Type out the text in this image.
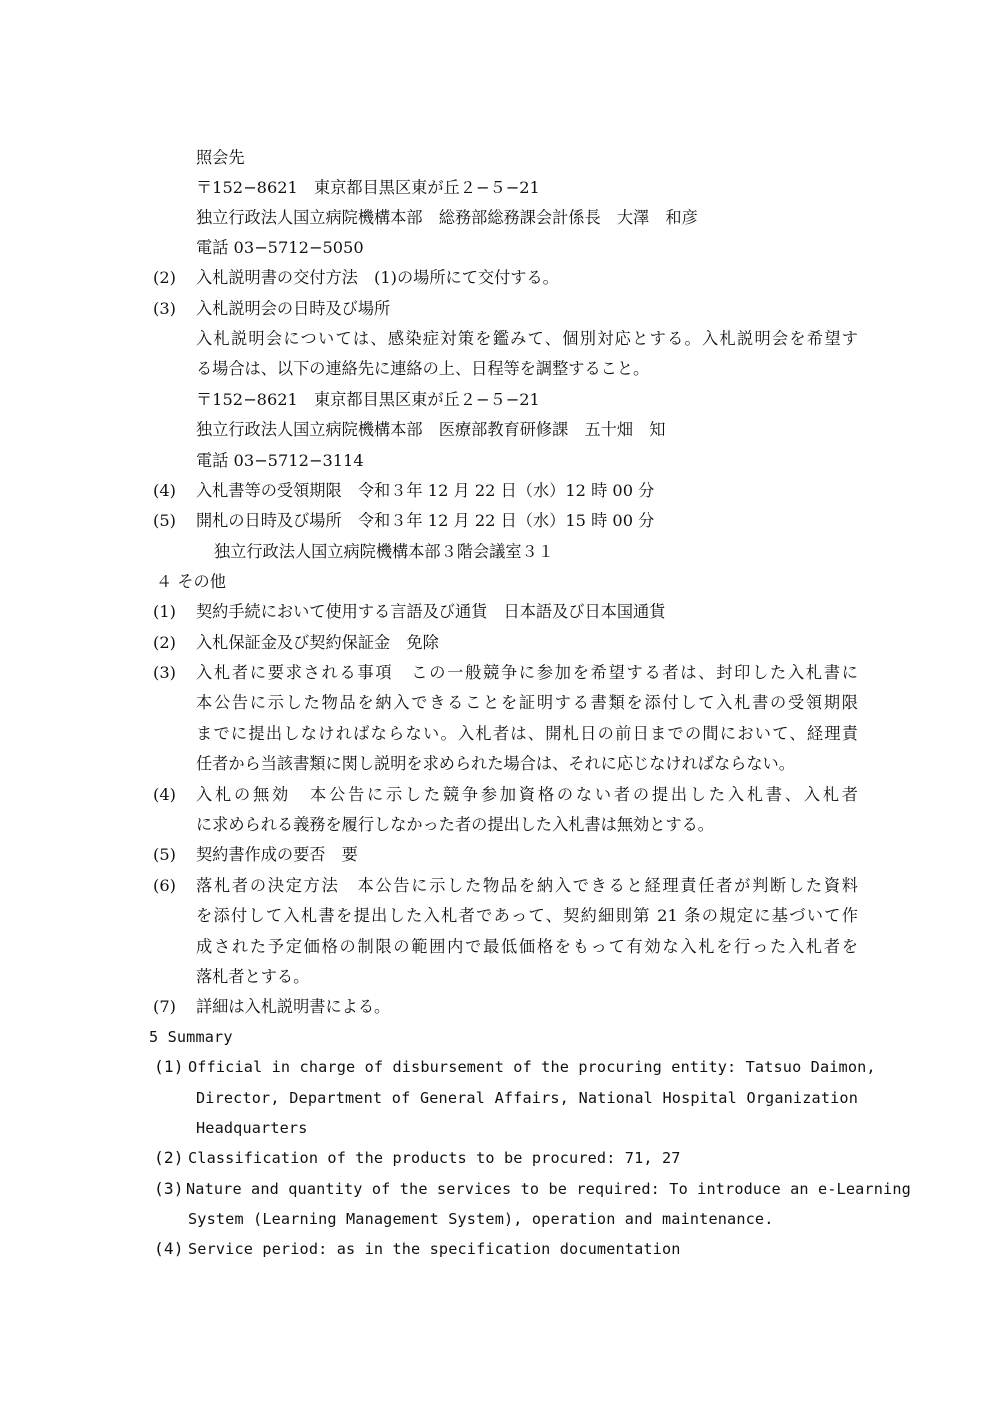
照会先
〒152−8621　東京都目黒区東が丘２−５−21
独立行政法人国立病院機構本部　総務部総務課会計係長　大澤　和彦
電話 03−5712−5050
(2) 入札説明書の交付方法　(1)の場所にて交付する。
(3) 入札説明会の日時及び場所
入札説明会については、感染症対策を鑑みて、個別対応とする。入札説明会を希望す
る場合は、以下の連絡先に連絡の上、日程等を調整すること。
〒152−8621　東京都目黒区東が丘２−５−21
独立行政法人国立病院機構本部　医療部教育研修課　五十畑　知
電話 03−5712−3114
(4) 入札書等の受領期限　令和３年 12 月 22 日（水）12 時 00 分
(5) 開札の日時及び場所　令和３年 12 月 22 日（水）15 時 00 分
独立行政法人国立病院機構本部３階会議室３１
４ その他
(1) 契約手続において使用する言語及び通貨　日本語及び日本国通貨
(2) 入札保証金及び契約保証金　免除
(3) 入札者に要求される事項　この一般競争に参加を希望する者は、封印した入札書に
本公告に示した物品を納入できることを証明する書類を添付して入札書の受領期限
までに提出しなければならない。入札者は、開札日の前日までの間において、経理責
任者から当該書類に関し説明を求められた場合は、それに応じなければならない。
(4) 入札の無効　本公告に示した競争参加資格のない者の提出した入札書、入札者
に求められる義務を履行しなかった者の提出した入札書は無効とする。
(5) 契約書作成の要否　要
(6) 落札者の決定方法　本公告に示した物品を納入できると経理責任者が判断した資料
を添付して入札書を提出した入札者であって、契約細則第 21 条の規定に基づいて作
成された予定価格の制限の範囲内で最低価格をもって有効な入札を行った入札者を
落札者とする。
(7) 詳細は入札説明書による。
5 Summary
(1) Official in charge of disbursement of the procuring entity: Tatsuo Daimon,
Director, Department of General Affairs, National Hospital Organization
Headquarters
(2) Classification of the products to be procured: 71, 27
(3) Nature and quantity of the services to be required: To introduce an e-Learning
System (Learning Management System), operation and maintenance.
(4) Service period: as in the specification documentation
